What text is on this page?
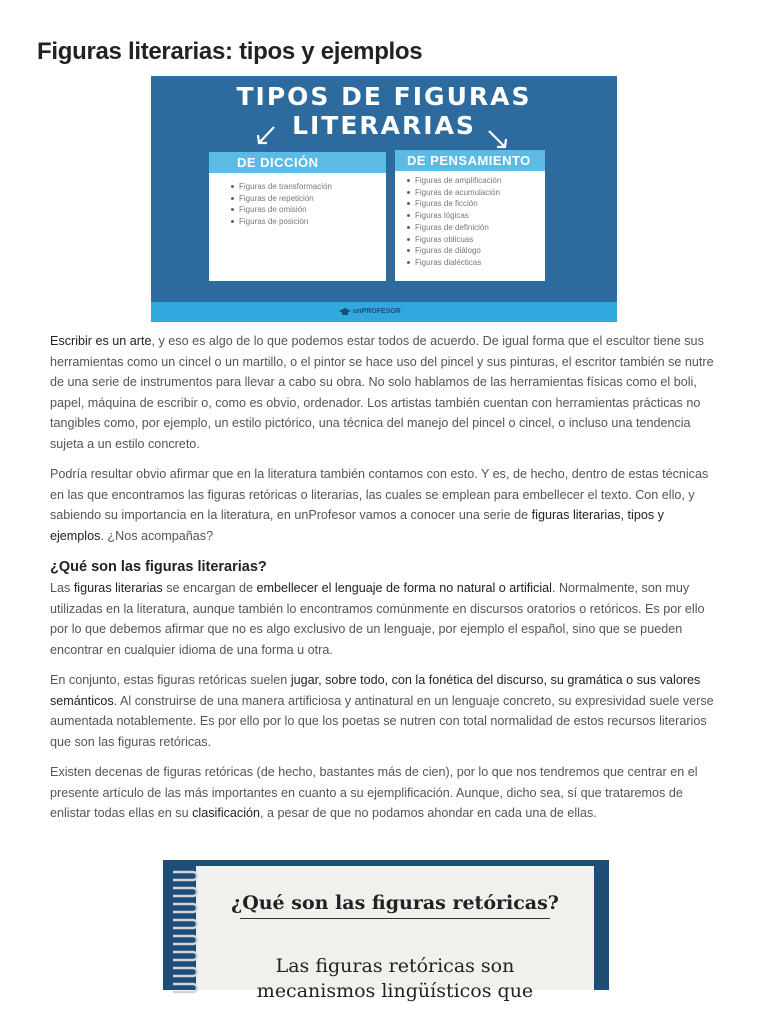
Figuras literarias: tipos y ejemplos
TIPOS DE FIGURAS
LITERARIAS
DE DICCIÓN
Figuras de transformación
Figuras de repetición
Figuras de omisión
Figuras de posición
DE PENSAMIENTO
Figuras de amplificación
Figuras de acumulación
Figuras de ficción
Figuras lógicas
Figuras de definición
Figuras oblicuas
Figuras de diálogo
Figuras dialécticas
unPROFESOR

Escribir es un arte, y eso es algo de lo que podemos estar todos de acuerdo. De igual forma que el escultor tiene sus herramientas como un cincel o un martillo, o el pintor se hace uso del pincel y sus pinturas, el escritor también se nutre de una serie de instrumentos para llevar a cabo su obra. No solo hablamos de las herramientas físicas como el boli, papel, máquina de escribir o, como es obvio, ordenador. Los artistas también cuentan con herramientas prácticas no tangibles como, por ejemplo, un estilo pictórico, una técnica del manejo del pincel o cincel, o incluso una tendencia sujeta a un estilo concreto.

Podría resultar obvio afirmar que en la literatura también contamos con esto. Y es, de hecho, dentro de estas técnicas en las que encontramos las figuras retóricas o literarias, las cuales se emplean para embellecer el texto. Con ello, y sabiendo su importancia en la literatura, en unProfesor vamos a conocer una serie de figuras literarias, tipos y ejemplos. ¿Nos acompañas?

¿Qué son las figuras literarias?

Las figuras literarias se encargan de embellecer el lenguaje de forma no natural o artificial. Normalmente, son muy utilizadas en la literatura, aunque también lo encontramos comúnmente en discursos oratorios o retóricos. Es por ello por lo que debemos afirmar que no es algo exclusivo de un lenguaje, por ejemplo el español, sino que se pueden encontrar en cualquier idioma de una forma u otra.

En conjunto, estas figuras retóricas suelen jugar, sobre todo, con la fonética del discurso, su gramática o sus valores semánticos. Al construirse de una manera artificiosa y antinatural en un lenguaje concreto, su expresividad suele verse aumentada notablemente. Es por ello por lo que los poetas se nutren con total normalidad de estos recursos literarios que son las figuras retóricas.

Existen decenas de figuras retóricas (de hecho, bastantes más de cien), por lo que nos tendremos que centrar en el presente artículo de las más importantes en cuanto a su ejemplificación. Aunque, dicho sea, sí que trataremos de enlistar todas ellas en su clasificación, a pesar de que no podamos ahondar en cada una de ellas.

¿Qué son las figuras retóricas?
Las figuras retóricas son
mecanismos lingüísticos que
